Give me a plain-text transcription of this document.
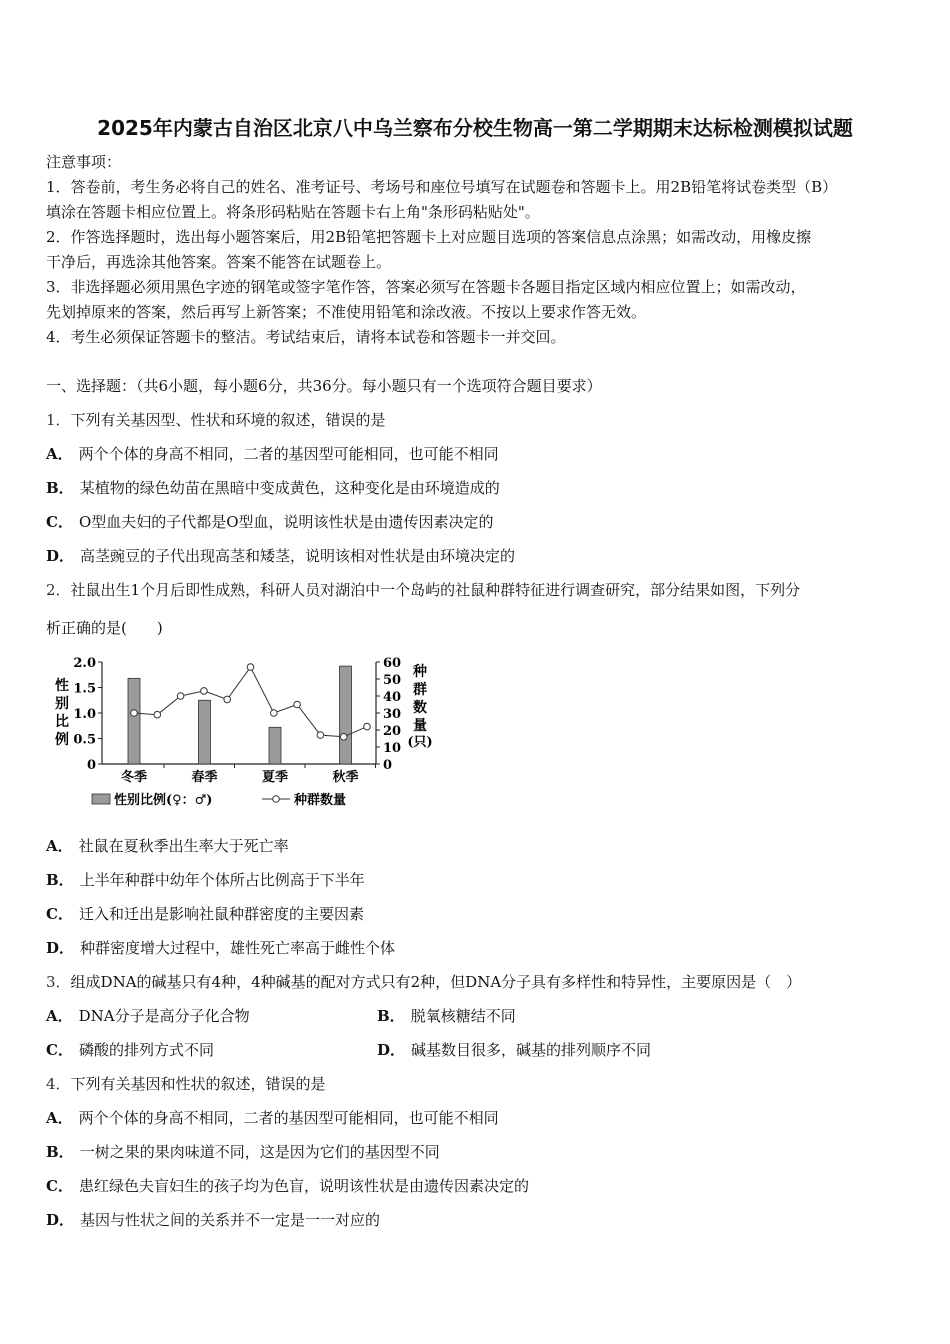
2025年内蒙古自治区北京八中乌兰察布分校生物高一第二学期期末达标检测模拟试题
注意事项：
1．答卷前，考生务必将自己的姓名、准考证号、考场号和座位号填写在试题卷和答题卡上。用2B铅笔将试卷类型（B）
填涂在答题卡相应位置上。将条形码粘贴在答题卡右上角"条形码粘贴处"。
2．作答选择题时，选出每小题答案后，用2B铅笔把答题卡上对应题目选项的答案信息点涂黑；如需改动，用橡皮擦
干净后，再选涂其他答案。答案不能答在试题卷上。
3．非选择题必须用黑色字迹的钢笔或签字笔作答，答案必须写在答题卡各题目指定区域内相应位置上；如需改动，
先划掉原来的答案，然后再写上新答案；不准使用铅笔和涂改液。不按以上要求作答无效。
4．考生必须保证答题卡的整洁。考试结束后，请将本试卷和答题卡一并交回。
一、选择题：（共6小题，每小题6分，共36分。每小题只有一个选项符合题目要求）
1．下列有关基因型、性状和环境的叙述，错误的是
A． 两个个体的身高不相同，二者的基因型可能相同，也可能不相同
B． 某植物的绿色幼苗在黑暗中变成黄色，这种变化是由环境造成的
C． O型血夫妇的子代都是O型血，说明该性状是由遗传因素决定的
D． 高茎豌豆的子代出现高茎和矮茎，说明该相对性状是由环境决定的
2．社鼠出生1个月后即性成熟，科研人员对湖泊中一个岛屿的社鼠种群特征进行调查研究，部分结果如图，下列分
析正确的是(　　)
性
别
比
例
种
群
数
量
(只)
2.0
1.5
1.0
0.5
0
60
50
40
30
20
10
0
冬季	春季	夏季	秋季
性别比例(♀：♂)	种群数量
A． 社鼠在夏秋季出生率大于死亡率
B． 上半年种群中幼年个体所占比例高于下半年
C． 迁入和迁出是影响社鼠种群密度的主要因素
D． 种群密度增大过程中，雄性死亡率高于雌性个体
3．组成DNA的碱基只有4种，4种碱基的配对方式只有2种，但DNA分子具有多样性和特异性，主要原因是（　）
A． DNA分子是高分子化合物	B． 脱氧核糖结不同
C． 磷酸的排列方式不同	D． 碱基数目很多，碱基的排列顺序不同
4．下列有关基因和性状的叙述，错误的是
A． 两个个体的身高不相同，二者的基因型可能相同，也可能不相同
B． 一树之果的果肉味道不同，这是因为它们的基因型不同
C． 患红绿色夫盲妇生的孩子均为色盲，说明该性状是由遗传因素决定的
D． 基因与性状之间的关系并不一定是一一对应的
